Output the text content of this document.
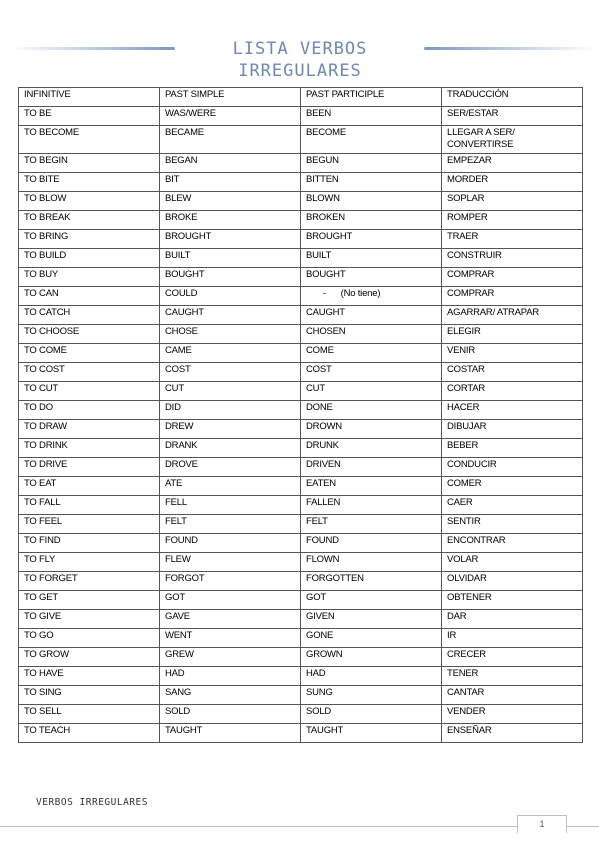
LISTA VERBOS IRREGULARES
INFINITIVE	PAST SIMPLE	PAST PARTICIPLE	TRADUCCIÓN
TO BE	WAS/WERE	BEEN	SER/ESTAR
TO BECOME	BECAME	BECOME	LLEGAR A SER/ CONVERTIRSE
TO BEGIN	BEGAN	BEGUN	EMPEZAR
TO BITE	BIT	BITTEN	MORDER
TO BLOW	BLEW	BLOWN	SOPLAR
TO BREAK	BROKE	BROKEN	ROMPER
TO BRING	BROUGHT	BROUGHT	TRAER
TO BUILD	BUILT	BUILT	CONSTRUIR
TO BUY	BOUGHT	BOUGHT	COMPRAR
TO CAN	COULD	-      (No tiene)	COMPRAR
TO CATCH	CAUGHT	CAUGHT	AGARRAR/ ATRAPAR
TO CHOOSE	CHOSE	CHOSEN	ELEGIR
TO COME	CAME	COME	VENIR
TO COST	COST	COST	COSTAR
TO CUT	CUT	CUT	CORTAR
TO DO	DID	DONE	HACER
TO DRAW	DREW	DROWN	DIBUJAR
TO DRINK	DRANK	DRUNK	BEBER
TO DRIVE	DROVE	DRIVEN	CONDUCIR
TO EAT	ATE	EATEN	COMER
TO FALL	FELL	FALLEN	CAER
TO FEEL	FELT	FELT	SENTIR
TO FIND	FOUND	FOUND	ENCONTRAR
TO FLY	FLEW	FLOWN	VOLAR
TO FORGET	FORGOT	FORGOTTEN	OLVIDAR
TO GET	GOT	GOT	OBTENER
TO GIVE	GAVE	GIVEN	DAR
TO GO	WENT	GONE	IR
TO GROW	GREW	GROWN	CRECER
TO HAVE	HAD	HAD	TENER
TO SING	SANG	SUNG	CANTAR
TO SELL	SOLD	SOLD	VENDER
TO TEACH	TAUGHT	TAUGHT	ENSEÑAR
VERBOS IRREGULARES
1
